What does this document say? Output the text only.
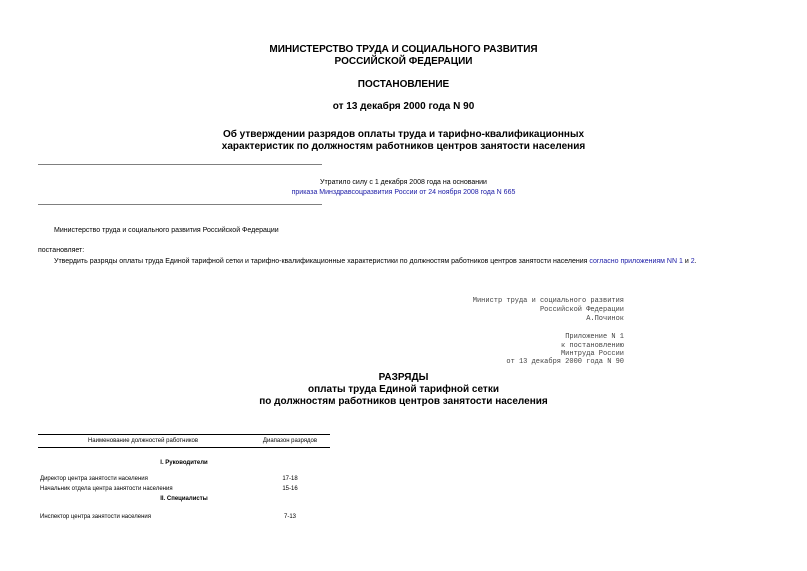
МИНИСТЕРСТВО ТРУДА И СОЦИАЛЬНОГО РАЗВИТИЯ
РОССИЙСКОЙ ФЕДЕРАЦИИ
ПОСТАНОВЛЕНИЕ
от 13 декабря 2000 года N 90
Об утверждении разрядов оплаты труда и тарифно-квалификационных
характеристик по должностям работников центров занятости населения
Утратило силу с 1 декабря 2008 года на основании
приказа Минздравсоцразвития России от 24 ноября 2008 года N 665
Министерство труда и социального развития Российской Федерации
постановляет:
Утвердить разряды оплаты труда Единой тарифной сетки и тарифно-квалификационные характеристики по должностям работников центров занятости населения согласно приложениям NN 1 и 2.
Министр труда и социального развития
Российской Федерации
А.Починок
Приложение N 1
к постановлению
Минтруда России
от 13 декабря 2000 года N 90
РАЗРЯДЫ
оплаты труда Единой тарифной сетки
по должностям работников центров занятости населения
Наименование должностей работников	Диапазон разрядов
I. Руководители
Директор центра занятости населения	17-18
Начальник отдела центра занятости населения	15-16
II. Специалисты
Инспектор центра занятости населения	7-13
